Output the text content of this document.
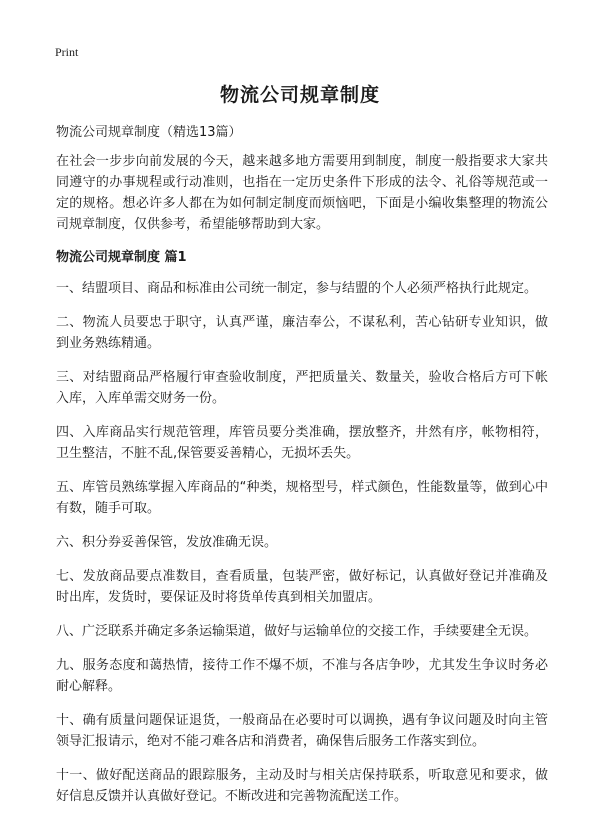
Print
物流公司规章制度

物流公司规章制度（精选13篇）

在社会一步步向前发展的今天，越来越多地方需要用到制度，制度一般指要求大家共同遵守的办事规程或行动准则，也指在一定历史条件下形成的法令、礼俗等规范或一定的规格。想必许多人都在为如何制定制度而烦恼吧，下面是小编收集整理的物流公司规章制度，仅供参考，希望能够帮助到大家。

物流公司规章制度 篇1

一、结盟项目、商品和标准由公司统一制定，参与结盟的个人必须严格执行此规定。

二、物流人员要忠于职守，认真严谨，廉洁奉公，不谋私利，苦心钻研专业知识，做到业务熟练精通。

三、对结盟商品严格履行审查验收制度，严把质量关、数量关，验收合格后方可下帐入库，入库单需交财务一份。

四、入库商品实行规范管理，库管员要分类准确，摆放整齐，井然有序，帐物相符，卫生整洁，不脏不乱,保管要妥善精心，无损坏丢失。

五、库管员熟练掌握入库商品的“种类，规格型号，样式颜色，性能数量等，做到心中有数，随手可取。

六、积分券妥善保管，发放准确无误。

七、发放商品要点准数目，查看质量，包装严密，做好标记，认真做好登记并准确及时出库，发货时，要保证及时将货单传真到相关加盟店。

八、广泛联系并确定多条运输渠道，做好与运输单位的交接工作，手续要建全无误。

九、服务态度和蔼热情，接待工作不爆不烦，不准与各店争吵，尤其发生争议时务必耐心解释。

十、确有质量问题保证退货，一般商品在必要时可以调换，遇有争议问题及时向主管领导汇报请示，绝对不能刁难各店和消费者，确保售后服务工作落实到位。

十一、做好配送商品的跟踪服务，主动及时与相关店保持联系，听取意见和要求，做好信息反馈并认真做好登记。不断改进和完善物流配送工作。
